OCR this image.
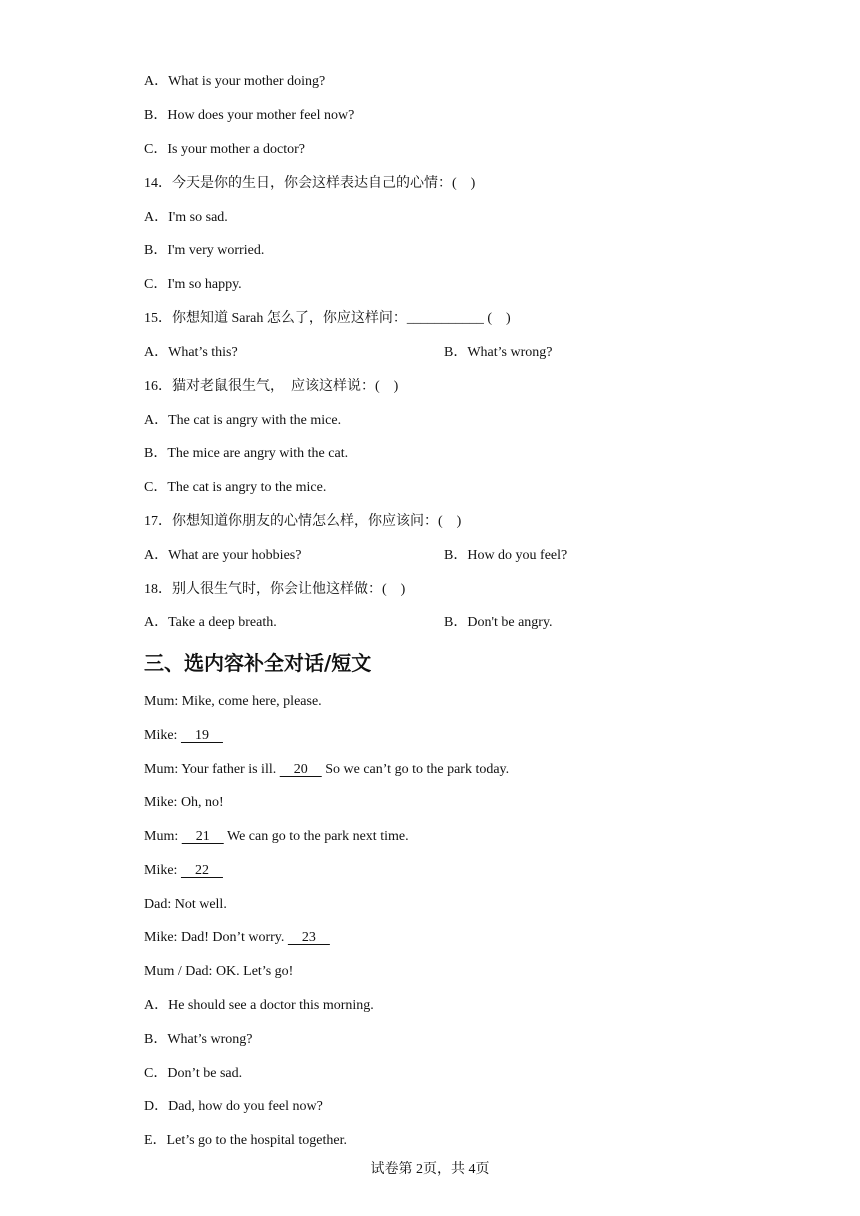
A．What is your mother doing?
B．How does your mother feel now?
C．Is your mother a doctor?
14．今天是你的生日，你会这样表达自己的心情：(　)
A．I'm so sad.
B．I'm very worried.
C．I'm so happy.
15．你想知道 Sarah 怎么了，你应这样问：___________ (　)
A．What’s this?	B．What’s wrong?
16．猫对老鼠很生气，　应该这样说：(　)
A．The cat is angry with the mice.
B．The mice are angry with the cat.
C．The cat is angry to the mice.
17．你想知道你朋友的心情怎么样，你应该问：(　)
A．What are your hobbies?	B．How do you feel?
18．别人很生气时，你会让他这样做：(　)
A．Take a deep breath.	B．Don't be angry.
三、选内容补全对话/短文
Mum: Mike, come here, please.
Mike:     19
Mum: Your father is ill.     20     So we can’t go to the park today.
Mike: Oh, no!
Mum:     21     We can go to the park next time.
Mike:     22
Dad: Not well.
Mike: Dad! Don’t worry.     23
Mum / Dad: OK. Let’s go!
A．He should see a doctor this morning.
B．What’s wrong?
C．Don’t be sad.
D．Dad, how do you feel now?
E．Let’s go to the hospital together.
试卷第 2页，共 4页
